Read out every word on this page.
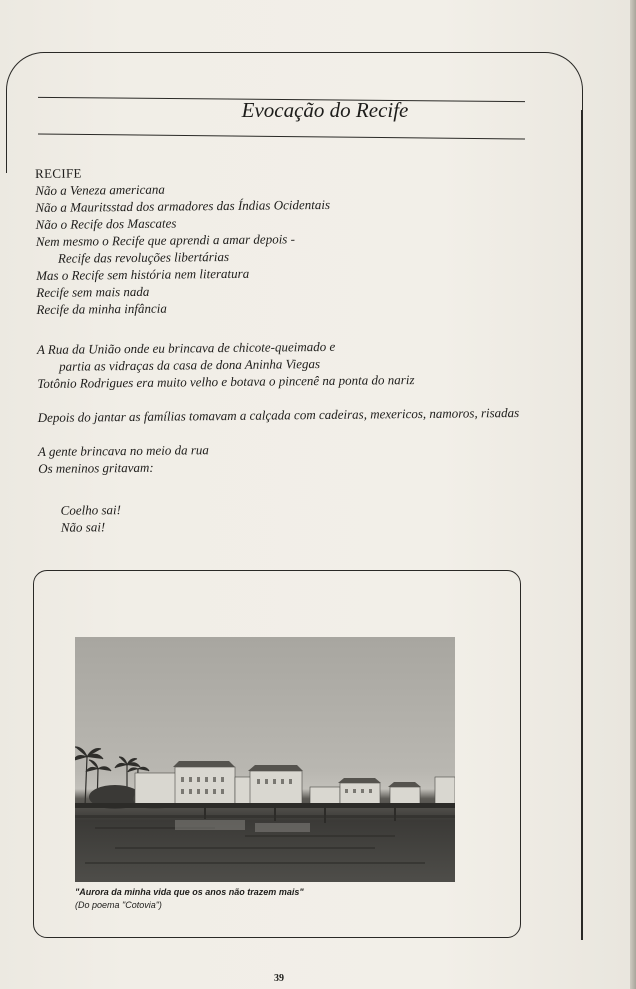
Evocação do Recife
RECIFE
Não a Veneza americana
Não a Mauritsstad dos armadores das Índias Ocidentais
Não o Recife dos Mascates
Nem mesmo o Recife que aprendi a amar depois -
Recife das revoluções libertárias
Mas o Recife sem história nem literatura
Recife sem mais nada
Recife da minha infância
A Rua da União onde eu brincava de chicote-queimado e
partia as vidraças da casa de dona Aninha Viegas
Totônio Rodrigues era muito velho e botava o pincenê na ponta do nariz
Depois do jantar as famílias tomavam a calçada com cadeiras, mexericos, namoros, risadas
A gente brincava no meio da rua
Os meninos gritavam:
Coelho sai!
Não sai!
"Aurora da minha vida que os anos não trazem mais"
(Do poema "Cotovia")
39
